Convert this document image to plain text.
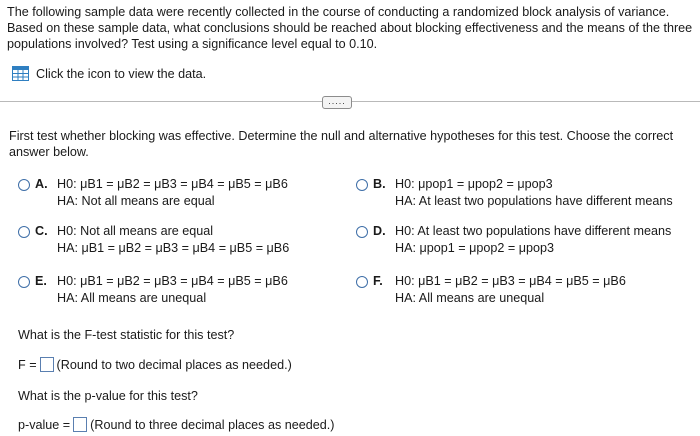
The following sample data were recently collected in the course of conducting a randomized block analysis of variance. Based on these sample data, what conclusions should be reached about blocking effectiveness and the means of the three populations involved? Test using a significance level equal to 0.10.
Click the icon to view the data.
.....
First test whether blocking was effective. Determine the null and alternative hypotheses for this test. Choose the correct answer below.
A. H0: μB1 = μB2 = μB3 = μB4 = μB5 = μB6
HA: Not all means are equal
B. H0: μpop1 = μpop2 = μpop3
HA: At least two populations have different means
C. H0: Not all means are equal
HA: μB1 = μB2 = μB3 = μB4 = μB5 = μB6
D. H0: At least two populations have different means
HA: μpop1 = μpop2 = μpop3
E. H0: μB1 = μB2 = μB3 = μB4 = μB5 = μB6
HA: All means are unequal
F. H0: μB1 = μB2 = μB3 = μB4 = μB5 = μB6
HA: All means are unequal
What is the F-test statistic for this test?
F = (Round to two decimal places as needed.)
What is the p-value for this test?
p-value = (Round to three decimal places as needed.)
